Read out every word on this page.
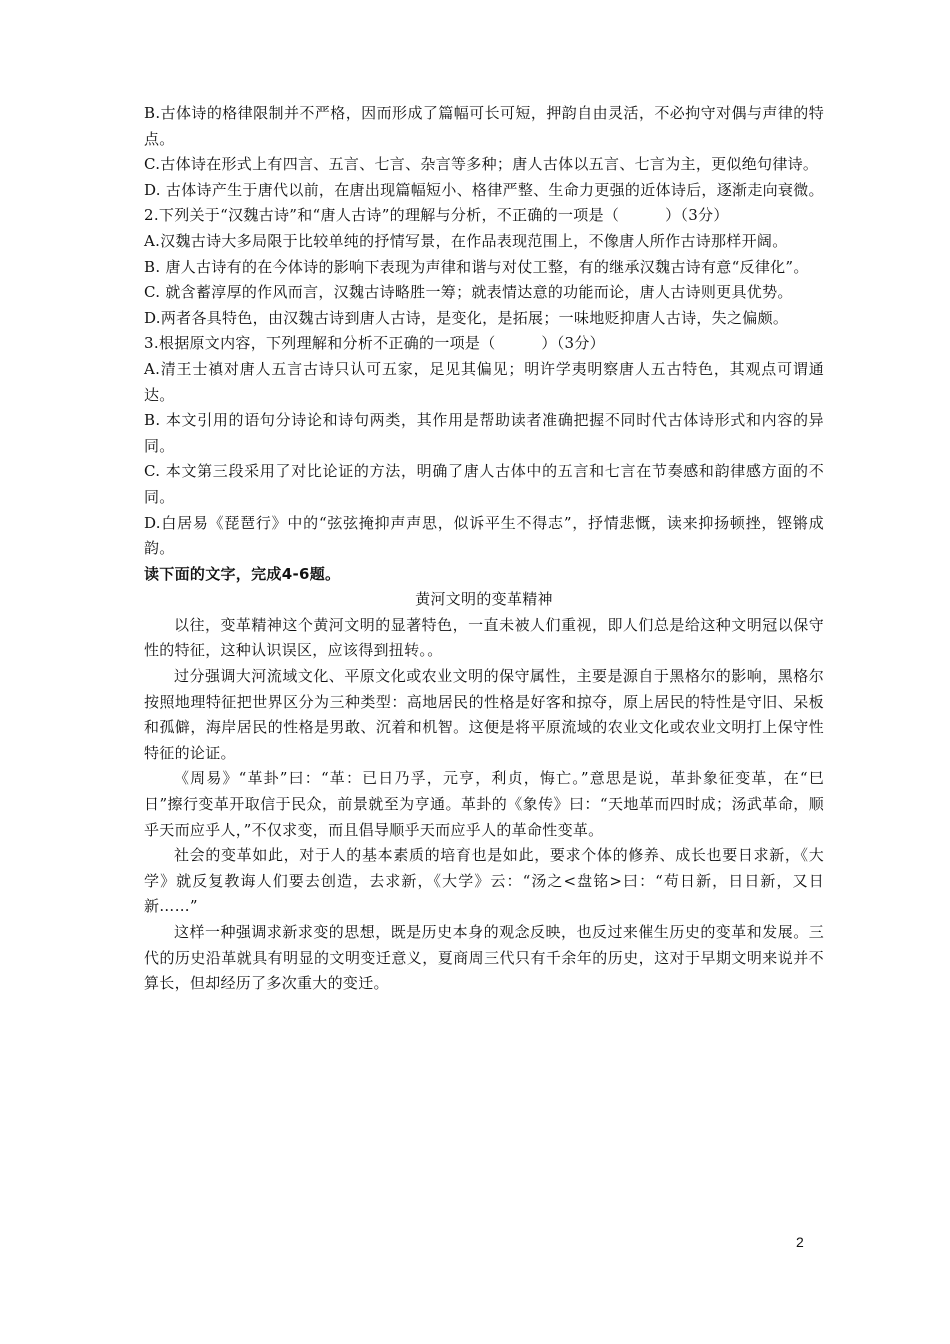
B.古体诗的格律限制并不严格，因而形成了篇幅可长可短，押韵自由灵活，不必拘守对偶与声律的特点。

C.古体诗在形式上有四言、五言、七言、杂言等多种；唐人古体以五言、七言为主，更似绝句律诗。

D. 古体诗产生于唐代以前，在唐出现篇幅短小、格律严整、生命力更强的近体诗后，逐渐走向衰微。

2.下列关于“汉魏古诗”和“唐人古诗”的理解与分析，不正确的一项是（　　　）（3分）

A.汉魏古诗大多局限于比较单纯的抒情写景，在作品表现范围上，不像唐人所作古诗那样开阔。

B. 唐人古诗有的在今体诗的影响下表现为声律和谐与对仗工整，有的继承汉魏古诗有意“反律化”。

C. 就含蓄淳厚的作风而言，汉魏古诗略胜一筹；就表情达意的功能而论，唐人古诗则更具优势。

D.两者各具特色，由汉魏古诗到唐人古诗，是变化，是拓展；一味地贬抑唐人古诗，失之偏颇。

3.根据原文内容，下列理解和分析不正确的一项是（　　　）（3分）

A.清王士禛对唐人五言古诗只认可五家，足见其偏见；明许学夷明察唐人五古特色，其观点可谓通达。

B. 本文引用的语句分诗论和诗句两类，其作用是帮助读者准确把握不同时代古体诗形式和内容的异同。

C. 本文第三段采用了对比论证的方法，明确了唐人古体中的五言和七言在节奏感和韵律感方面的不同。

D.白居易《琵琶行》中的“弦弦掩抑声声思，似诉平生不得志”，抒情悲慨，读来抑扬顿挫，铿锵成韵。

读下面的文字，完成4-6题。

黄河文明的变革精神

以往，变革精神这个黄河文明的显著特色，一直未被人们重视，即人们总是给这种文明冠以保守性的特征，这种认识误区，应该得到扭转。。

过分强调大河流域文化、平原文化或农业文明的保守属性，主要是源自于黑格尔的影响，黑格尔按照地理特征把世界区分为三种类型：高地居民的性格是好客和掠夺，原上居民的特性是守旧、呆板和孤僻，海岸居民的性格是男敢、沉着和机智。这便是将平原流域的农业文化或农业文明打上保守性特征的论证。

《周易》“革卦”曰：“革：已日乃孚，元亨，利贞，悔亡。”意思是说，革卦象征变革，在“巳日”擦行变革开取信于民众，前景就至为亨通。革卦的《象传》曰：“天地革而四时成；汤武革命，顺乎天而应乎人，”不仅求变，而且倡导顺乎天而应乎人的革命性变革。

社会的变革如此，对于人的基本素质的培育也是如此，要求个体的修养、成长也要日求新，《大学》就反复教诲人们要去创造，去求新，《大学》云：“汤之<盘铭>曰：“苟日新，日日新，又日新……”

这样一种强调求新求变的思想，既是历史本身的观念反映，也反过来催生历史的变革和发展。三代的历史沿革就具有明显的文明变迁意义，夏商周三代只有千余年的历史，这对于早期文明来说并不算长，但却经历了多次重大的变迁。

2
